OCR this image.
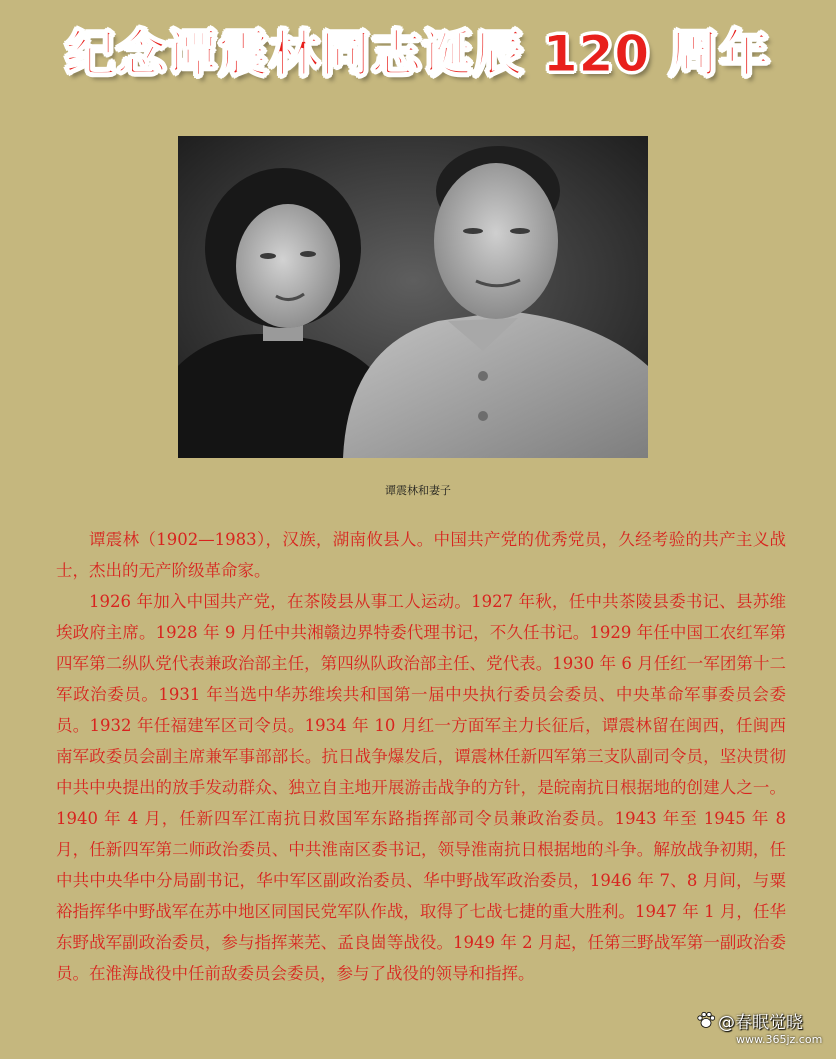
纪念谭震林同志诞辰 120 周年
谭震林和妻子

谭震林（1902—1983），汉族，湖南攸县人。中国共产党的优秀党员，久经考验的共产主义战士，杰出的无产阶级革命家。

1926 年加入中国共产党，在茶陵县从事工人运动。1927 年秋，任中共茶陵县委书记、县苏维埃政府主席。1928 年 9 月任中共湘赣边界特委代理书记，不久任书记。1929 年任中国工农红军第四军第二纵队党代表兼政治部主任，第四纵队政治部主任、党代表。1930 年 6 月任红一军团第十二军政治委员。1931 年当选中华苏维埃共和国第一届中央执行委员会委员、中央革命军事委员会委员。1932 年任福建军区司令员。1934 年 10 月红一方面军主力长征后，谭震林留在闽西，任闽西南军政委员会副主席兼军事部部长。抗日战争爆发后，谭震林任新四军第三支队副司令员，坚决贯彻中共中央提出的放手发动群众、独立自主地开展游击战争的方针，是皖南抗日根据地的创建人之一。1940 年 4 月，任新四军江南抗日救国军东路指挥部司令员兼政治委员。1943 年至 1945 年 8 月，任新四军第二师政治委员、中共淮南区委书记，领导淮南抗日根据地的斗争。解放战争初期，任中共中央华中分局副书记，华中军区副政治委员、华中野战军政治委员，1946 年 7、8 月间，与粟裕指挥华中野战军在苏中地区同国民党军队作战，取得了七战七捷的重大胜利。1947 年 1 月，任华东野战军副政治委员，参与指挥莱芜、孟良崮等战役。1949 年 2 月起，任第三野战军第一副政治委员。在淮海战役中任前敌委员会委员，参与了战役的领导和指挥。

@春眠觉晓
www.365jz.com
